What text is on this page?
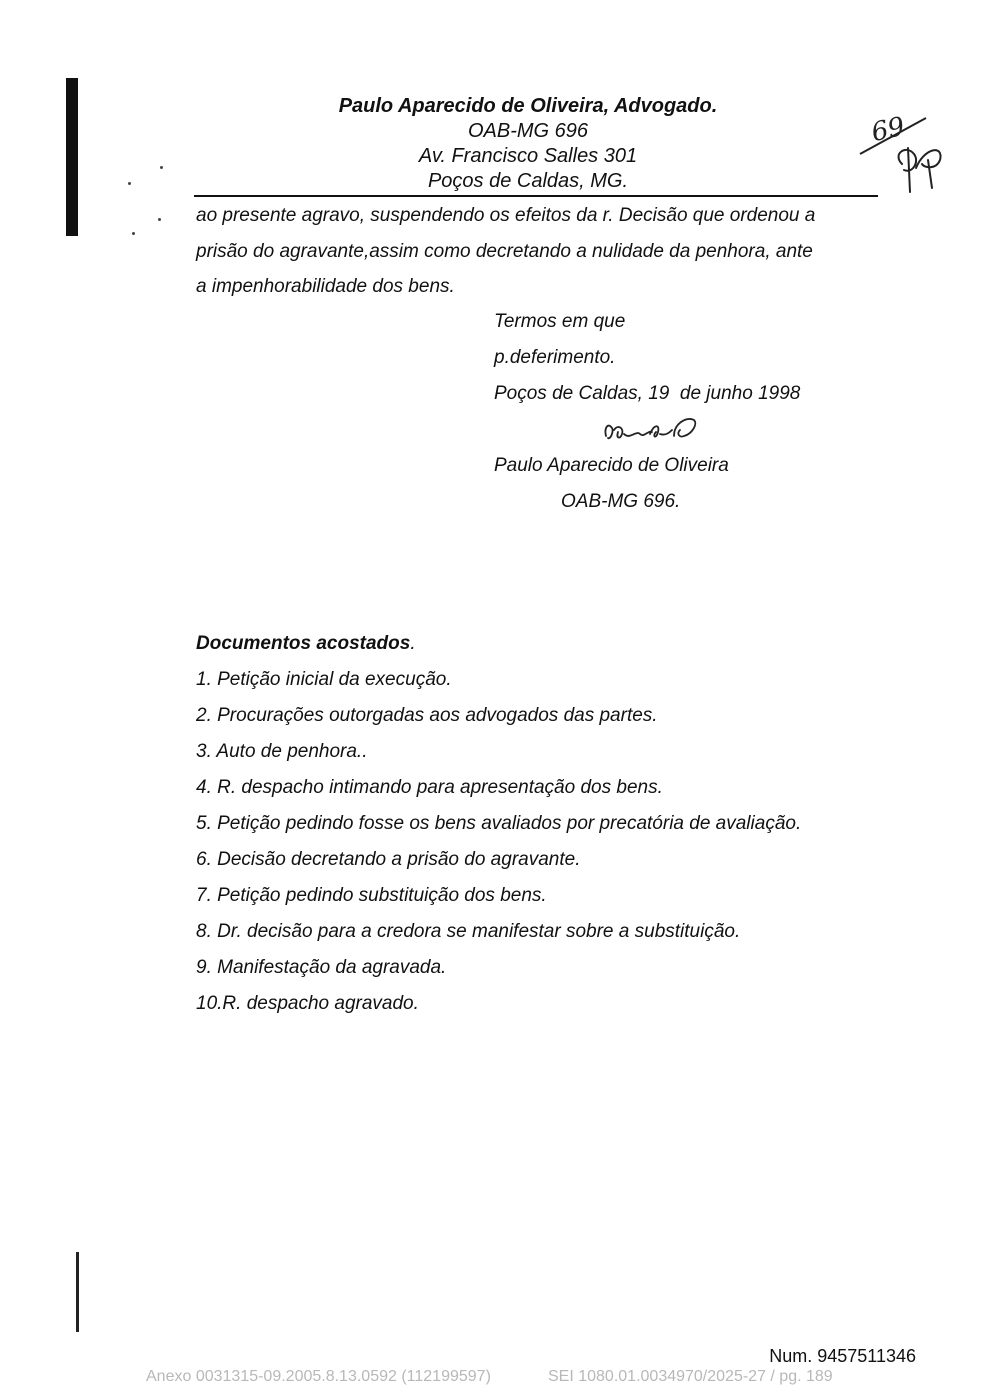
Paulo Aparecido de Oliveira, Advogado.
OAB-MG 696
Av. Francisco Salles 301
Poços de Caldas, MG.
69
ao presente agravo, suspendendo os efeitos da r. Decisão que ordenou a
prisão do agravante,assim como decretando a nulidade da penhora, ante
a impenhorabilidade dos bens.
Termos em que
p.deferimento.
Poços de Caldas, 19  de junho 1998
Paulo Aparecido de Oliveira
OAB-MG 696.
Documentos acostados.
1. Petição inicial da execução.
2. Procurações outorgadas aos advogados das partes.
3. Auto de penhora..
4. R. despacho intimando para apresentação dos bens.
5. Petição pedindo fosse os bens avaliados por precatória de avaliação.
6. Decisão decretando a prisão do agravante.
7. Petição pedindo substituição dos bens.
8. Dr. decisão para a credora se manifestar sobre a substituição.
9. Manifestação da agravada.
10.R. despacho agravado.
Num. 9457511346
Anexo 0031315-09.2005.8.13.0592 (112199597)	SEI 1080.01.0034970/2025-27 / pg. 189
